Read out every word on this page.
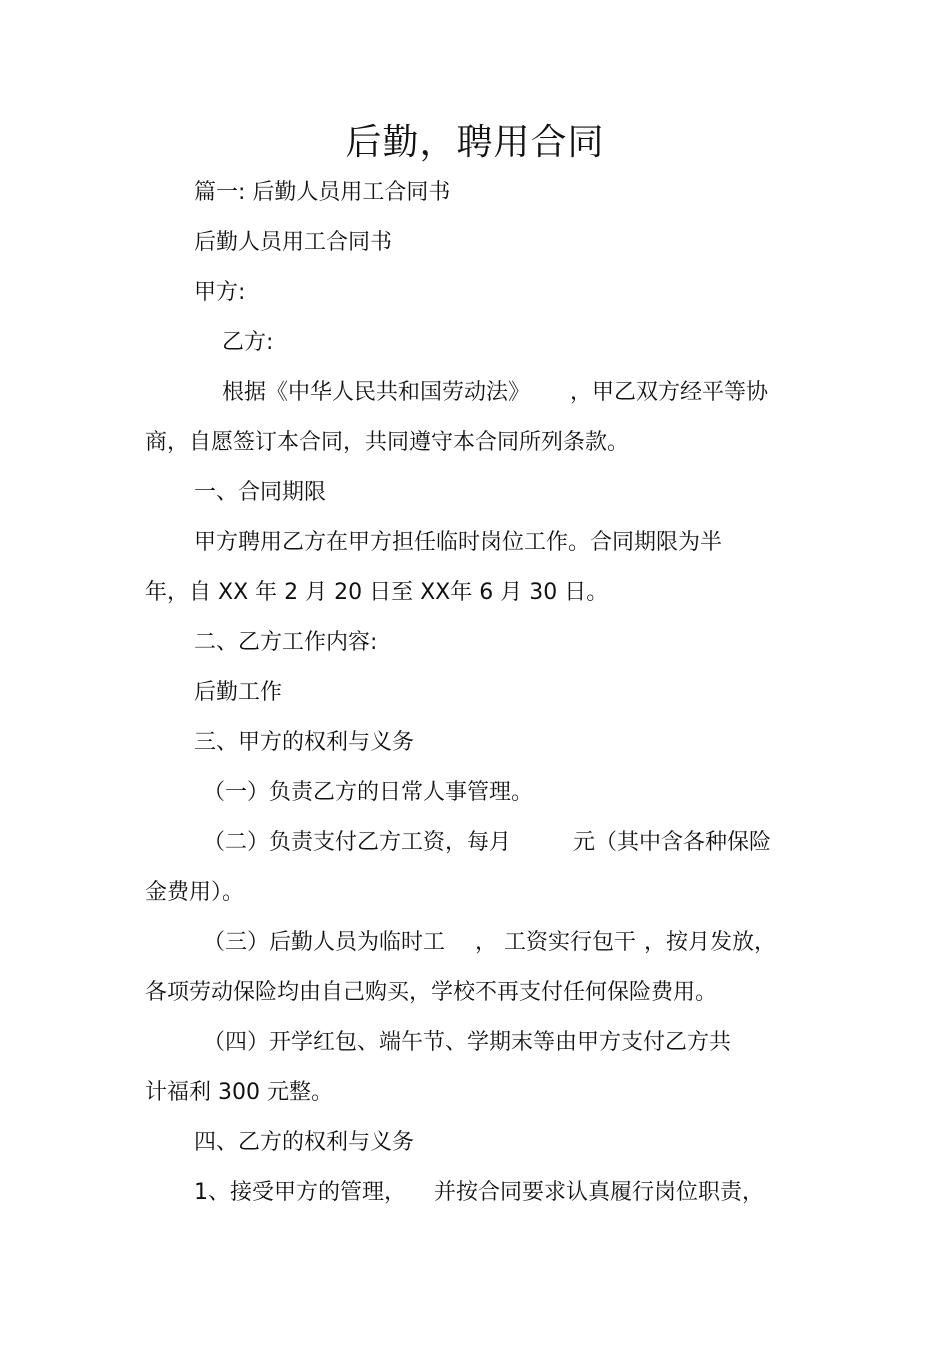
后勤，聘用合同

篇一: 后勤人员用工合同书

后勤人员用工合同书

甲方:

乙方:

根据《中华人民共和国劳动法》 ，甲乙双方经平等协

商，自愿签订本合同，共同遵守本合同所列条款。

一、合同期限

甲方聘用乙方在甲方担任临时岗位工作。合同期限为半

年，自 XX 年 2 月 20 日至 XX年 6 月 30 日。

二、乙方工作内容:

后勤工作

三、甲方的权利与义务

（一）负责乙方的日常人事管理。

（二）负责支付乙方工资，每月	元（其中含各种保险

金费用）。

（三）后勤人员为临时工 ， 工资实行包干 ，按月发放，

各项劳动保险均由自己购买，学校不再支付任何保险费用。

（四）开学红包、端午节、学期末等由甲方支付乙方共

计福利 300 元整。

四、乙方的权利与义务

1、接受甲方的管理， 并按合同要求认真履行岗位职责，
